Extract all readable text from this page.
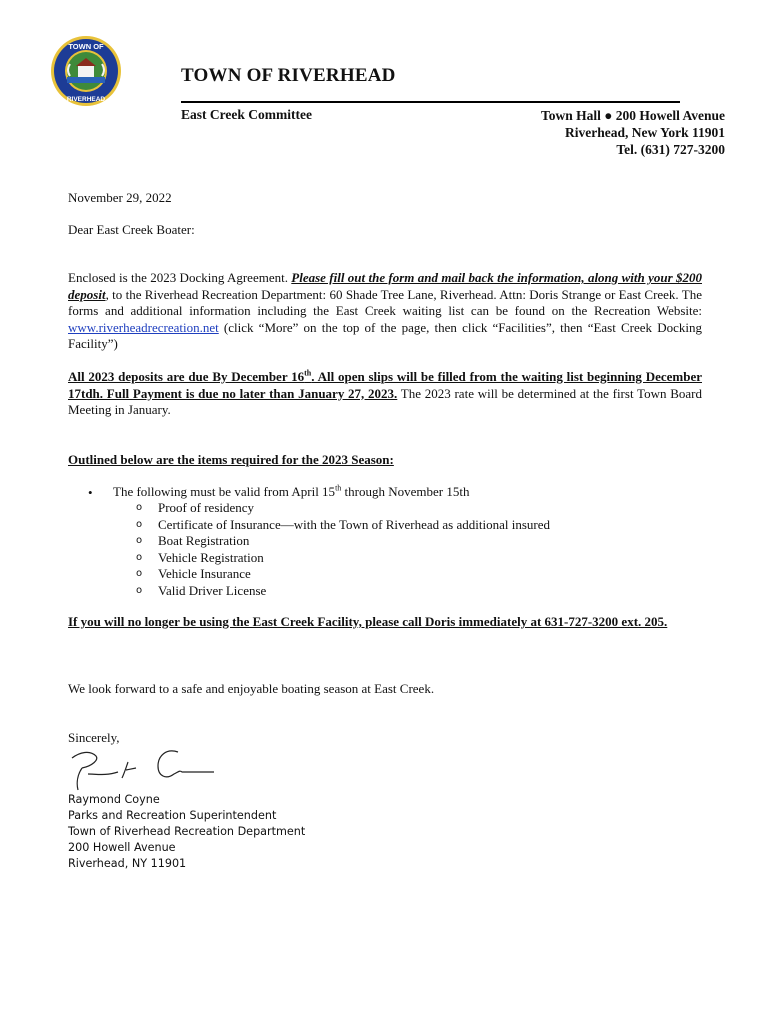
TOWN OF
RIVERHEAD
TOWN OF RIVERHEAD
East Creek Committee	Town Hall ● 200 Howell Avenue
Riverhead, New York 11901
Tel. (631) 727-3200
November 29, 2022
Dear East Creek Boater:
Enclosed is the 2023 Docking Agreement. Please fill out the form and mail back the information, along with your $200 deposit, to the Riverhead Recreation Department: 60 Shade Tree Lane, Riverhead. Attn: Doris Strange or East Creek. The forms and additional information including the East Creek waiting list can be found on the Recreation Website: www.riverheadrecreation.net (click “More” on the top of the page, then click “Facilities”, then “East Creek Docking Facility”)
All 2023 deposits are due By December 16th. All open slips will be filled from the waiting list beginning December 17tdh. Full Payment is due no later than January 27, 2023. The 2023 rate will be determined at the first Town Board Meeting in January.
Outlined below are the items required for the 2023 Season:
• The following must be valid from April 15th through November 15th
o	Proof of residency
o	Certificate of Insurance—with the Town of Riverhead as additional insured
o	Boat Registration
o	Vehicle Registration
o	Vehicle Insurance
o	Valid Driver License
If you will no longer be using the East Creek Facility, please call Doris immediately at 631-727-3200 ext. 205.
We look forward to a safe and enjoyable boating season at East Creek.
Sincerely,
Raymond Coyne
Parks and Recreation Superintendent
Town of Riverhead Recreation Department
200 Howell Avenue
Riverhead, NY 11901
